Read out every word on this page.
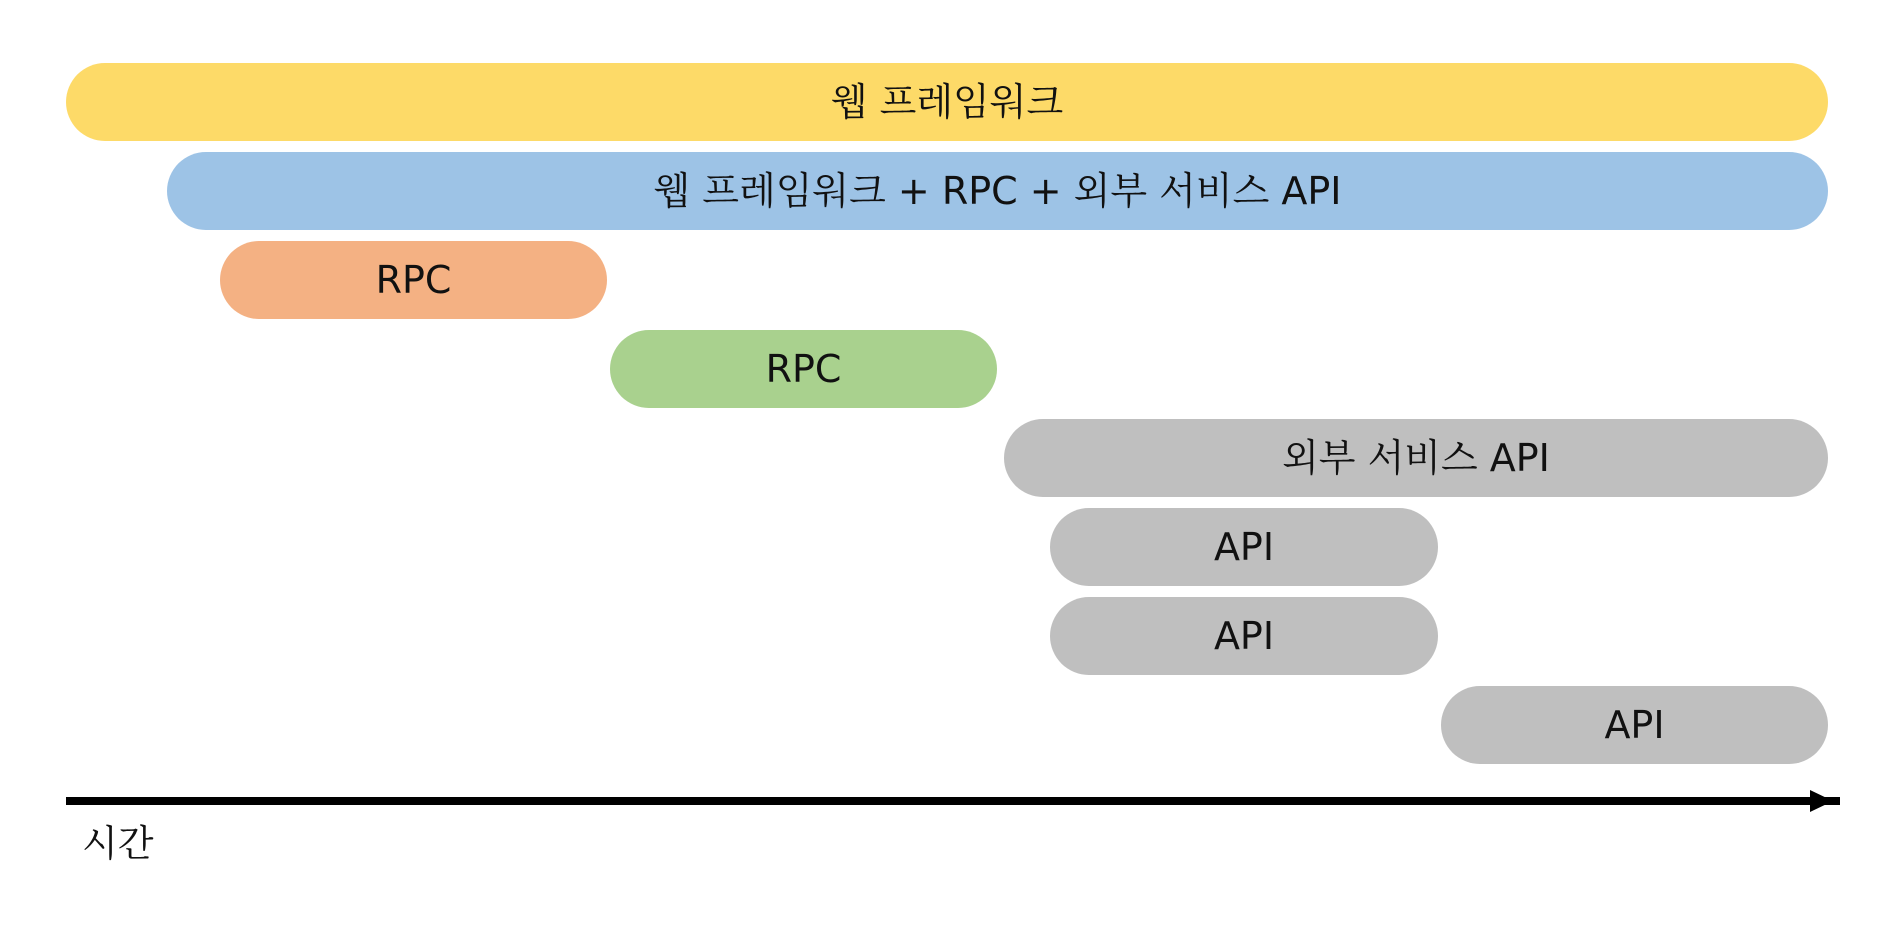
웹 프레임워크
웹 프레임워크 + RPC + 외부 서비스 API
RPC
RPC
외부 서비스 API
API
API
API
시간
